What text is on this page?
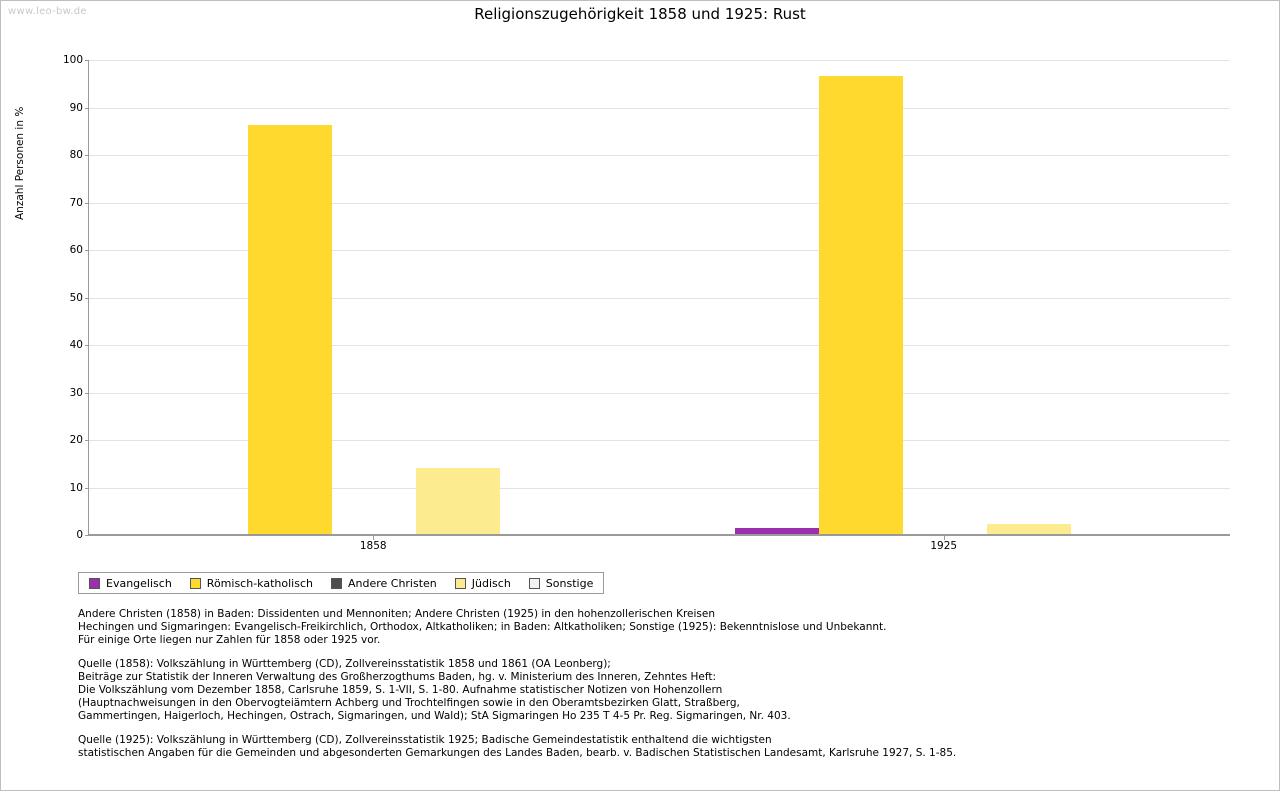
www.leo-bw.de	Religionszugehörigkeit 1858 und 1925: Rust
Anzahl Personen in %
0
10
20
30
40
50
60
70
80
90
100
Evangelisch	Römisch-katholisch	Andere Christen	Jüdisch	Sonstige
Andere Christen (1858) in Baden: Dissidenten und Mennoniten; Andere Christen (1925) in den hohenzollerischen Kreisen
Hechingen und Sigmaringen: Evangelisch-Freikirchlich, Orthodox, Altkatholiken; in Baden: Altkatholiken; Sonstige (1925): Bekenntnislose und Unbekannt.
Für einige Orte liegen nur Zahlen für 1858 oder 1925 vor.
Quelle (1858): Volkszählung in Württemberg (CD), Zollvereinsstatistik 1858 und 1861 (OA Leonberg);
Beiträge zur Statistik der Inneren Verwaltung des Großherzogthums Baden, hg. v. Ministerium des Inneren, Zehntes Heft:
Die Volkszählung vom Dezember 1858, Carlsruhe 1859, S. 1-VII, S. 1-80. Aufnahme statistischer Notizen von Hohenzollern
(Hauptnachweisungen in den Obervogteiämtern Achberg und Trochtelfingen sowie in den Oberamtsbezirken Glatt, Straßberg,
Gammertingen, Haigerloch, Hechingen, Ostrach, Sigmaringen, und Wald); StA Sigmaringen Ho 235 T 4-5 Pr. Reg. Sigmaringen, Nr. 403.
Quelle (1925): Volkszählung in Württemberg (CD), Zollvereinsstatistik 1925; Badische Gemeindestatistik enthaltend die wichtigsten
statistischen Angaben für die Gemeinden und abgesonderten Gemarkungen des Landes Baden, bearb. v. Badischen Statistischen Landesamt, Karlsruhe 1927, S. 1-85.
1858	1925
